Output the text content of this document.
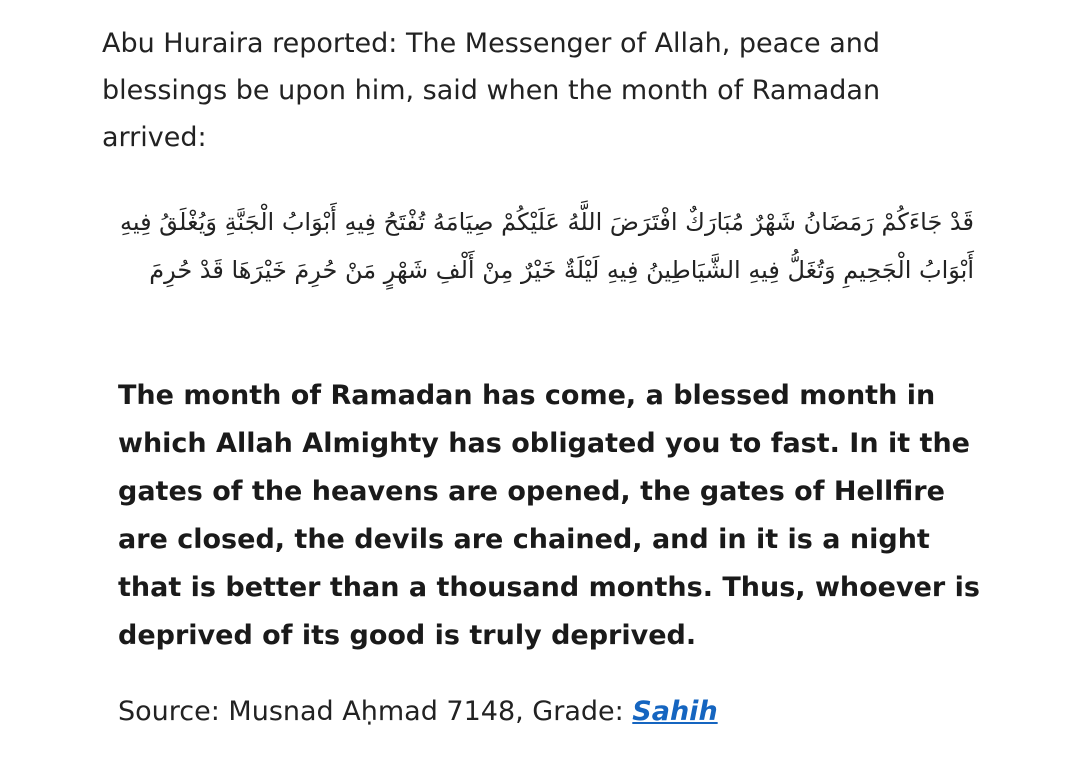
Abu Huraira reported: The Messenger of Allah, peace and blessings be upon him, said when the month of Ramadan arrived:

قَدْ جَاءَكُمْ رَمَضَانُ شَهْرٌ مُبَارَكٌ افْتَرَضَ اللَّهُ عَلَيْكُمْ صِيَامَهُ تُفْتَحُ فِيهِ أَبْوَابُ الْجَنَّةِ وَيُغْلَقُ فِيهِ أَبْوَابُ الْجَحِيمِ وَتُغَلُّ فِيهِ الشَّيَاطِينُ فِيهِ لَيْلَةٌ خَيْرٌ مِنْ أَلْفِ شَهْرٍ مَنْ حُرِمَ خَيْرَهَا قَدْ حُرِمَ

The month of Ramadan has come, a blessed month in which Allah Almighty has obligated you to fast. In it the gates of the heavens are opened, the gates of Hellfire are closed, the devils are chained, and in it is a night that is better than a thousand months. Thus, whoever is deprived of its good is truly deprived.

Source: Musnad Aḥmad 7148, Grade: Sahih
